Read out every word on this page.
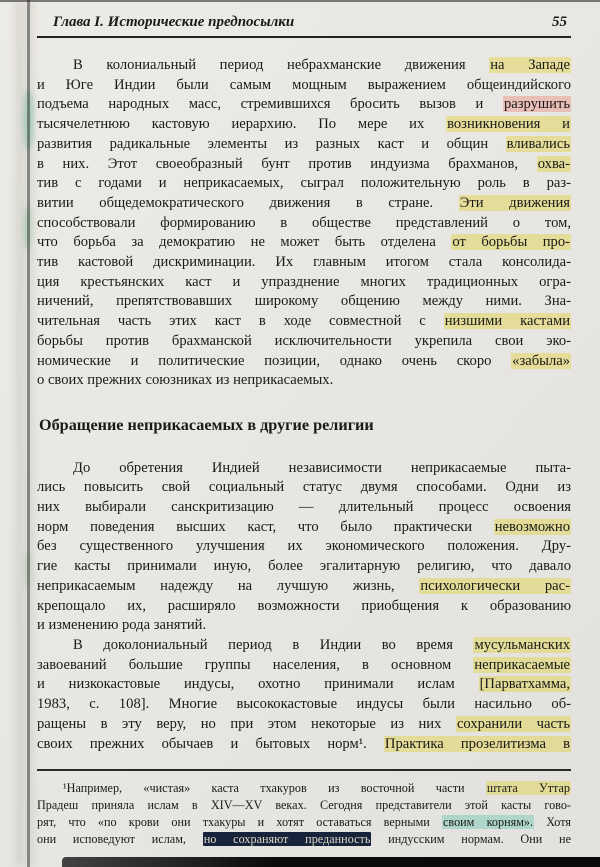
Глава I. Исторические предпосылки	55
В колониальный период небрахманские движения на Западе
и Юге Индии были самым мощным выражением общеиндийского
подъема народных масс, стремившихся бросить вызов и разрушить
тысячелетнюю кастовую иерархию. По мере их возникновения и
развития радикальные элементы из разных каст и общин вливались
в них. Этот своеобразный бунт против индуизма брахманов, охва-
тив с годами и неприкасаемых, сыграл положительную роль в раз-
витии общедемократического движения в стране. Эти движения
способствовали формированию в обществе представлений о том,
что борьба за демократию не может быть отделена от борьбы про-
тив кастовой дискриминации. Их главным итогом стала консолида-
ция крестьянских каст и упразднение многих традиционных огра-
ничений, препятствовавших широкому общению между ними. Зна-
чительная часть этих каст в ходе совместной с низшими кастами
борьбы против брахманской исключительности укрепила свои эко-
номические и политические позиции, однако очень скоро «забыла»
о своих прежних союзниках из неприкасаемых.
Обращение неприкасаемых в другие религии
До обретения Индией независимости неприкасаемые пыта-
лись повысить свой социальный статус двумя способами. Одни из
них выбирали санскритизацию — длительный процесс освоения
норм поведения высших каст, что было практически невозможно
без существенного улучшения их экономического положения. Дру-
гие касты принимали иную, более эгалитарную религию, что давало
неприкасаемым надежду на лучшую жизнь, психологически рас-
крепощало их, расширяло возможности приобщения к образованию
и изменению рода занятий.
В доколониальный период в Индии во время мусульманских
завоеваний большие группы населения, в основном неприкасаемые
и низкокастовые индусы, охотно принимали ислам [Парватхамма,
1983, с. 108]. Многие высококастовые индусы были насильно об-
ращены в эту веру, но при этом некоторые из них сохранили часть
своих прежних обычаев и бытовых норм¹. Практика прозелитизма в
¹Например, «чистая» каста тхакуров из восточной части штата Уттар
Прадеш приняла ислам в XIV—XV веках. Сегодня представители этой касты гово-
рят, что «по крови они тхакуры и хотят оставаться верными своим корням». Хотя
они исповедуют ислам, но сохраняют преданность индусским нормам. Они не
